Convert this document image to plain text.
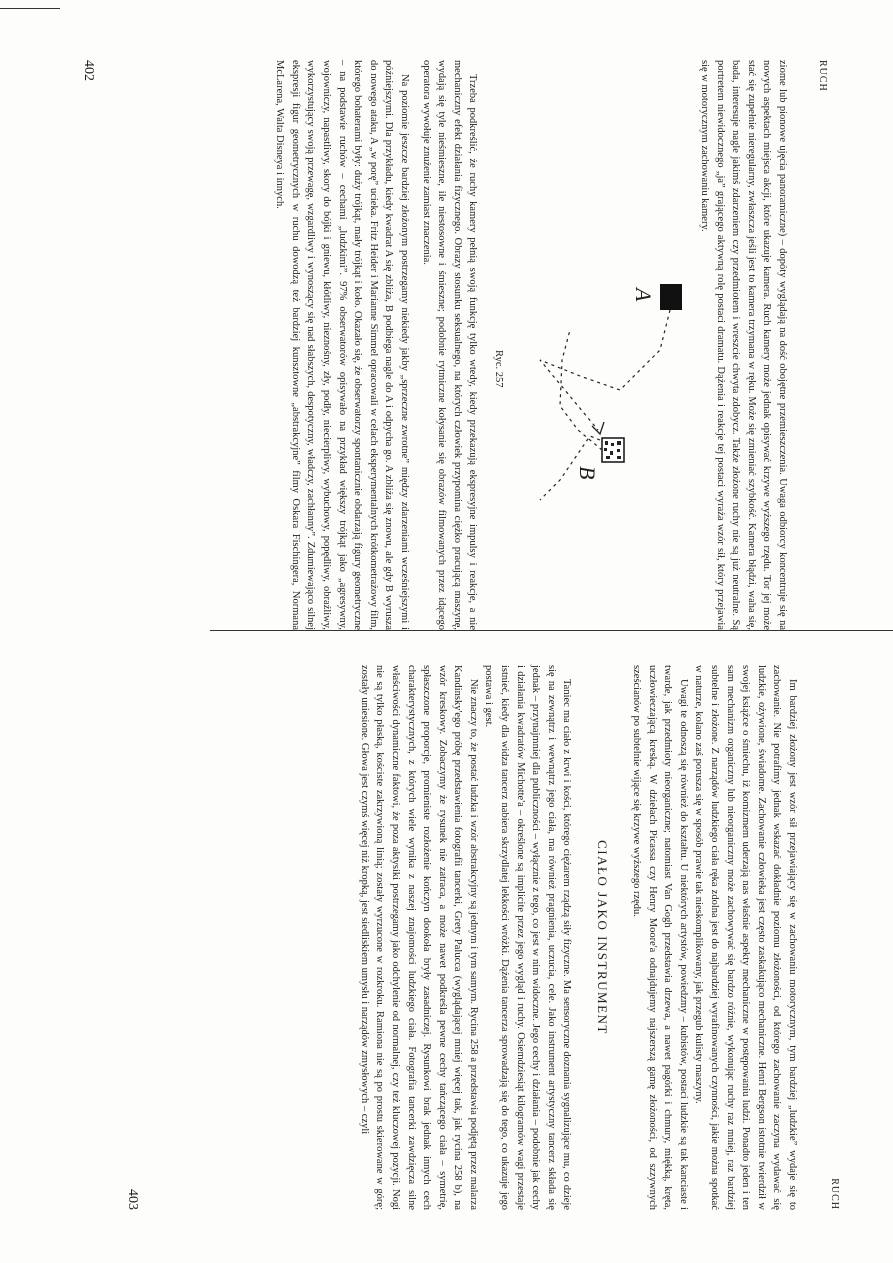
RUCH

ziome lub pionowe ujęcia panoramiczne) – dopóty wyglądają na dość obojętne przemieszczenia. Uwaga odbiorcy koncentruje się na nowych aspektach miejsca akcji, które ukazuje kamera. Ruch kamery może jednak opisywać krzywe wyższego rzędu. Tor jej może stać się zupełnie nieregularny, zwłaszcza jeśli jest to kamera trzymana w ręku. Może się zmieniać szybkość. Kamera błądzi, waha się, bada, interesuje nagle jakimś zdarzeniem czy przedmiotem i wreszcie chwyta zdobycz. Także złożone ruchy nie są już neutralne. Są portretem niewidocznego „ja” grającego aktywną rolę postaci dramatu. Dążenia i reakcje tej postaci wyraża wzór sił, który przejawia się w motorycznym zachowaniu kamery.

A
B
Ryc. 257

Trzeba podkreślić, że ruchy kamery pełnią swoją funkcję tylko wtedy, kiedy przekazują ekspresyjne impulsy i reakcje, a nie mechaniczny efekt działania fizycznego. Obrazy stosunku seksualnego, na których człowiek przypomina ciężko pracującą maszynę, wydają się tyle nieśmieszne, ile niestosowne i śmieszne; podobnie rytmiczne kołysanie się obrazów filmowanych przez idącego operatora wywołuje znużenie zamiast znaczenia.

Na poziomie jeszcze bardziej złożonym postrzegamy niekiedy jakby „sprzeczne zwrotne” między zdarzeniami wcześniejszymi i późniejszymi. Dla przykładu, kiedy kwadrat A się zbliża, B podbiega nagle do A i odpycha go. A zbliża się znowu, ale gdy B wyrusza do nowego ataku, A „w porę” ucieka. Fritz Heider i Marianne Simmel opracowali w celach eksperymentalnych krótkometrażowy film, którego bohaterami były: duży trójkąt, mały trójkąt i koło. Okazało się, że obserwatorzy spontanicznie obdarzają figury geometryczne – na podstawie ruchów – cechami „ludzkimi”. 97% obserwatorów opisywało na przykład większy trójkąt jako „agresywny, wojowniczy, napastliwy, skory do bójki i gniewu, kłótliwy, nieznośny, zły, podły, niecierpliwy, wybuchowy, popędliwy, obraźliwy, wykorzystujący swoją przewagę, wzgardliwy i wynoszący się nad słabszych, despotyczny, władczy, zachłanny”. Zdumiewająco silnej ekspresji figur geometrycznych w ruchu dowodzą też bardziej kunsztowne „abstrakcyjne” filmy Oskara Fischingera, Normana McLarena, Walta Disneya i innych.

402
RUCH

Im bardziej złożony jest wzór sił przejawiający się w zachowaniu motorycznym, tym bardziej „ludzkie” wydaje się to zachowanie. Nie potrafimy jednak wskazać dokładnie poziomu złożoności, od którego zachowanie zaczyna wydawać się ludzkie, ożywione, świadome. Zachowanie człowieka jest często zaskakująco mechaniczne. Henri Bergson istotnie twierdził w swojej książce o śmiechu, iż komizmem uderzają nas właśnie aspekty mechaniczne w postępowaniu ludzi. Ponadto jeden i ten sam mechanizm organiczny lub nieorganiczny może zachowywać się bardzo różnie, wykonując ruchy raz mniej, raz bardziej subtelne i złożone. Z narządów ludzkiego ciała ręka zdolna jest do najbardziej wyrafinowanych czynności, jakie można spotkać w naturze, kolano zaś porusza się w sposób prawie tak nieskomplikowany, jak przegub kulisty maszyny.

Uwagi te odnoszą się również do kształtu. U niektórych artystów, powiedzmy – kubistów, postaci ludzkie są tak kanciaste i twarde, jak przedmioty nieorganiczne; natomiast Van Gogh przedstawia drzewa, a nawet pagórki i chmury, miękką, kręta, uczłowieczającą kreską. W dziełach Picassa czy Henry Moore'a odnajdujemy najszerszą gamę złożoności, od szzywnych sześcianów po subtelnie wijące się krzywe wyższego rzędu.

CIAŁO JAKO INSTRUMENT

Taniec ma ciało z krwi i kości, którego ciężarem rządzą siły fizyczne. Ma sensoryczne doznania sygnalizujące mu, co dzieje się na zewnątrz i wewnątrz jego ciała, ma również pragnienia, uczucia, cele. Jako instrument artystyczny tancerz składa się jednak – przynajmniej dla publiczności – wyłącznie z tego, co jest w nim widoczne. Jego cechy i działania – podobnie jak cechy i działania kwadratów Michotte'a – określone są implicite przez jego wygląd i ruchy. Osiemdziesiąt kilogramów wagi przestaje istnieć, kiedy dla widza tancerz nabiera skrzydlatej lekkości wróżki. Dążenia tancerza sprowadzają się do tego, co ukazuje jego postawa i gest.

Nie znaczy to, że postać ludzka i wzór abstrakcyjny są jednym i tym samym. Rycina 258 a przedstawia podjętą przez malarza Kandinsky'ego próbę przedstawienia fotografii tancerki, Grety Palucca (wyglądającej mniej więcej tak, jak rycina 258 b), na wzór kreskowy. Zobaczymy że rysunek nie zatraca, a może nawet podkreśla pewne cechy tańczącego ciała – symetrię, spłaszczone proporcje, promieniste rozłożenie kończyn dookoła bryły zasadniczej. Rysunkowi brak jednak innych cech charakterystycznych, z których wiele wynika z naszej znajomości ludzkiego ciała. Fotografia tancerki zawdzięcza silne właściwości dynamiczne faktowi, że poza aktysiki postrzegamy jako odchylenie od normalnej, czy też kluczowej pozycji. Nogi nie są tylko płaską, kościste zakrzywioną linią; zostały wyrzucone w rozkroku. Ramiona nie są po prostu skierowane w górę; zostały uniesione. Głowa jest czymś więcej niż kropką, jest siedliskiem umysłu i narządów zmysłowych – czyli

403
